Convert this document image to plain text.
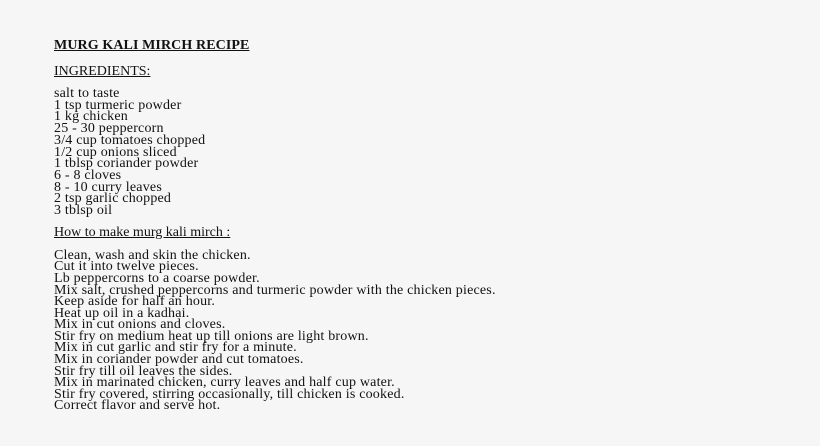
MURG KALI MIRCH RECIPE
INGREDIENTS:
salt to taste
1 tsp turmeric powder
1 kg chicken
25 - 30 peppercorn
3/4 cup tomatoes chopped
1/2 cup onions sliced
1 tblsp coriander powder
6 - 8 cloves
8 - 10 curry leaves
2 tsp garlic chopped
3 tblsp oil
How to make murg kali mirch :
Clean, wash and skin the chicken.
Cut it into twelve pieces.
Lb peppercorns to a coarse powder.
Mix salt, crushed peppercorns and turmeric powder with the chicken pieces.
Keep aside for half an hour.
Heat up oil in a kadhai.
Mix in cut onions and cloves.
Stir fry on medium heat up till onions are light brown.
Mix in cut garlic and stir fry for a minute.
Mix in coriander powder and cut tomatoes.
Stir fry till oil leaves the sides.
Mix in marinated chicken, curry leaves and half cup water.
Stir fry covered, stirring occasionally, till chicken is cooked.
Correct flavor and serve hot.
